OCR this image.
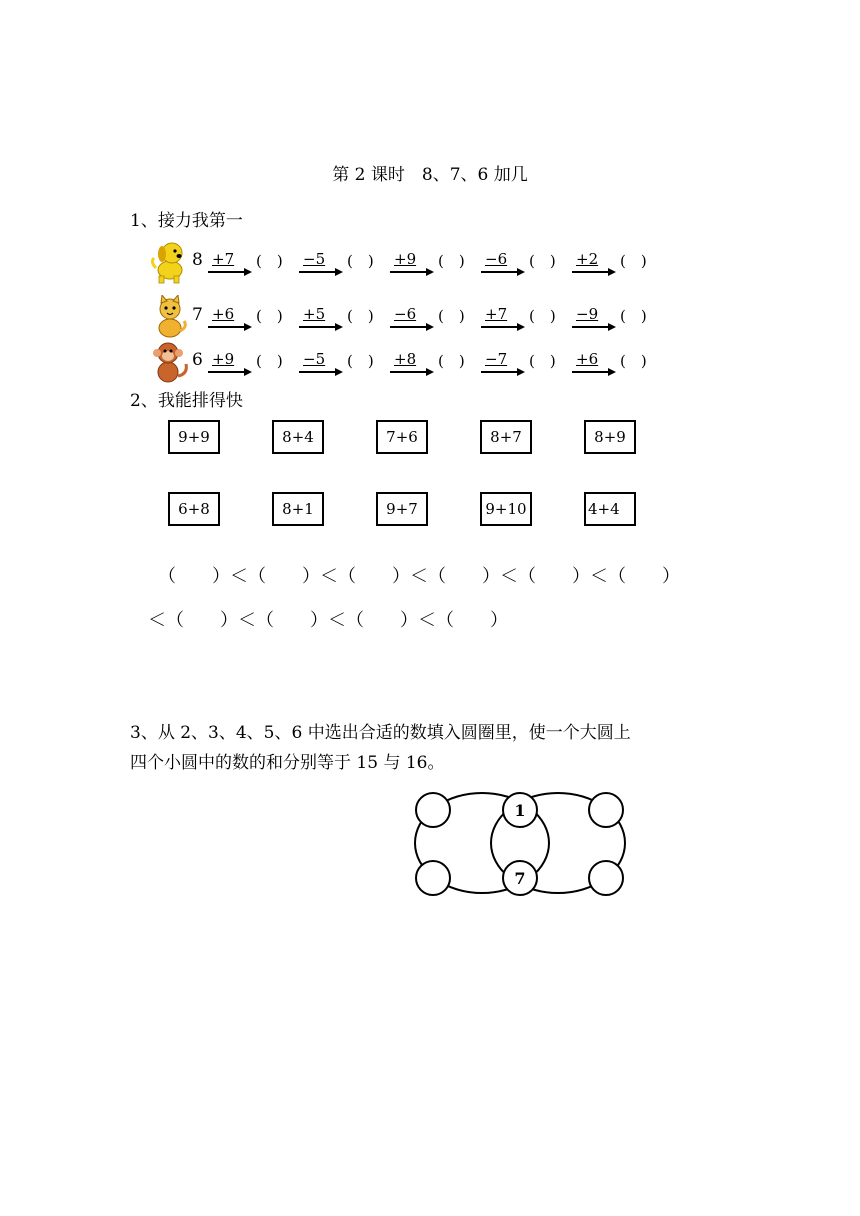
第 2 课时　8、7、6 加几
1、接力我第一
8 +7 (　) −5 (　) +9 (　) −6 (　) +2 (　)
7 +6 (　) +5 (　) −6 (　) +7 (　) −9 (　)
6 +9 (　) −5 (　) +8 (　) −7 (　) +6 (　)
2、我能排得快
9+9	8+4	7+6	8+7	8+9
6+8	8+1	9+7	9+10	4+4
（　　）＜（　　）＜（　　）＜（　　）＜（　　）＜（　　）
＜（　　）＜（　　）＜（　　）＜（　　）
3、从 2、3、4、5、6 中选出合适的数填入圆圈里，使一个大圆上
四个小圆中的数的和分别等于 15 与 16。
1
7
